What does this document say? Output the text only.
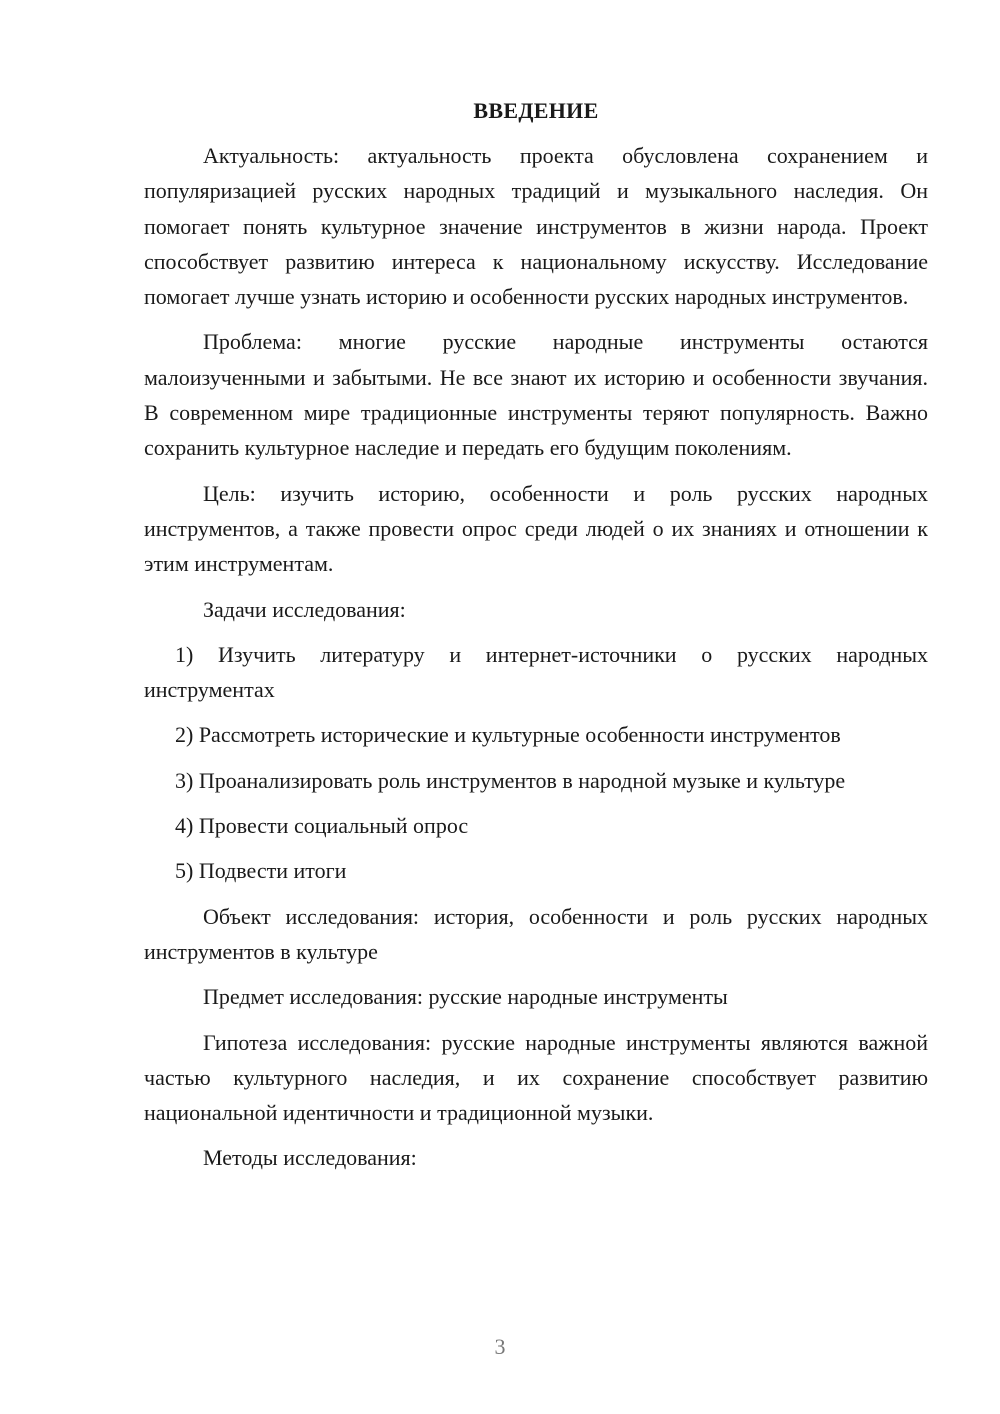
ВВЕДЕНИЕ

Актуальность: актуальность проекта обусловлена сохранением и популяризацией русских народных традиций и музыкального наследия. Он помогает понять культурное значение инструментов в жизни народа. Проект способствует развитию интереса к национальному искусству. Исследование помогает лучше узнать историю и особенности русских народных инструментов.

Проблема: многие русские народные инструменты остаются малоизученными и забытыми. Не все знают их историю и особенности звучания. В современном мире традиционные инструменты теряют популярность. Важно сохранить культурное наследие и передать его будущим поколениям.

Цель: изучить историю, особенности и роль русских народных инструментов, а также провести опрос среди людей о их знаниях и отношении к этим инструментам.

Задачи исследования:

1) Изучить литературу и интернет-источники о русских народных инструментах

2) Рассмотреть исторические и культурные особенности инструментов

3) Проанализировать роль инструментов в народной музыке и культуре

4) Провести социальный опрос

5) Подвести итоги

Объект исследования: история, особенности и роль русских народных инструментов в культуре

Предмет исследования: русские народные инструменты

Гипотеза исследования: русские народные инструменты являются важной частью культурного наследия, и их сохранение способствует развитию национальной идентичности и традиционной музыки.

Методы исследования:

3
